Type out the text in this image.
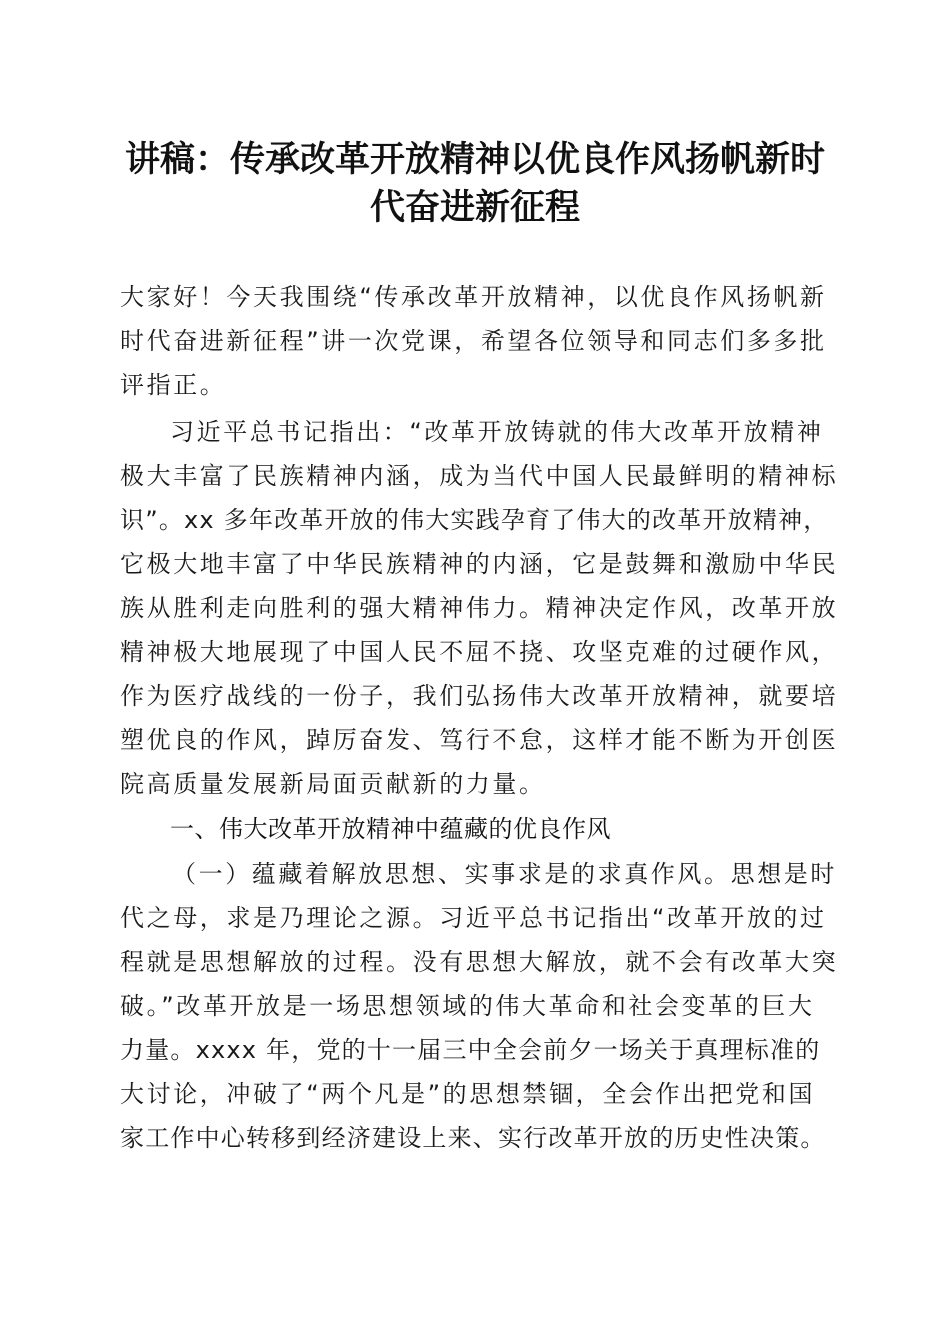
讲稿：传承改革开放精神以优良作风扬帆新时
代奋进新征程
大家好！今天我围绕“传承改革开放精神，以优良作风扬帆新
时代奋进新征程”讲一次党课，希望各位领导和同志们多多批
评指正。
习近平总书记指出：“改革开放铸就的伟大改革开放精神
极大丰富了民族精神内涵，成为当代中国人民最鲜明的精神标
识”。xx 多年改革开放的伟大实践孕育了伟大的改革开放精神，
它极大地丰富了中华民族精神的内涵，它是鼓舞和激励中华民
族从胜利走向胜利的强大精神伟力。精神决定作风，改革开放
精神极大地展现了中国人民不屈不挠、攻坚克难的过硬作风，
作为医疗战线的一份子，我们弘扬伟大改革开放精神，就要培
塑优良的作风，踔厉奋发、笃行不怠，这样才能不断为开创医
院高质量发展新局面贡献新的力量。
一、伟大改革开放精神中蕴藏的优良作风
（一）蕴藏着解放思想、实事求是的求真作风。思想是时
代之母，求是乃理论之源。习近平总书记指出“改革开放的过
程就是思想解放的过程。没有思想大解放，就不会有改革大突
破。”改革开放是一场思想领域的伟大革命和社会变革的巨大
力量。xxxx 年，党的十一届三中全会前夕一场关于真理标准的
大讨论，冲破了“两个凡是”的思想禁锢，全会作出把党和国
家工作中心转移到经济建设上来、实行改革开放的历史性决策。
